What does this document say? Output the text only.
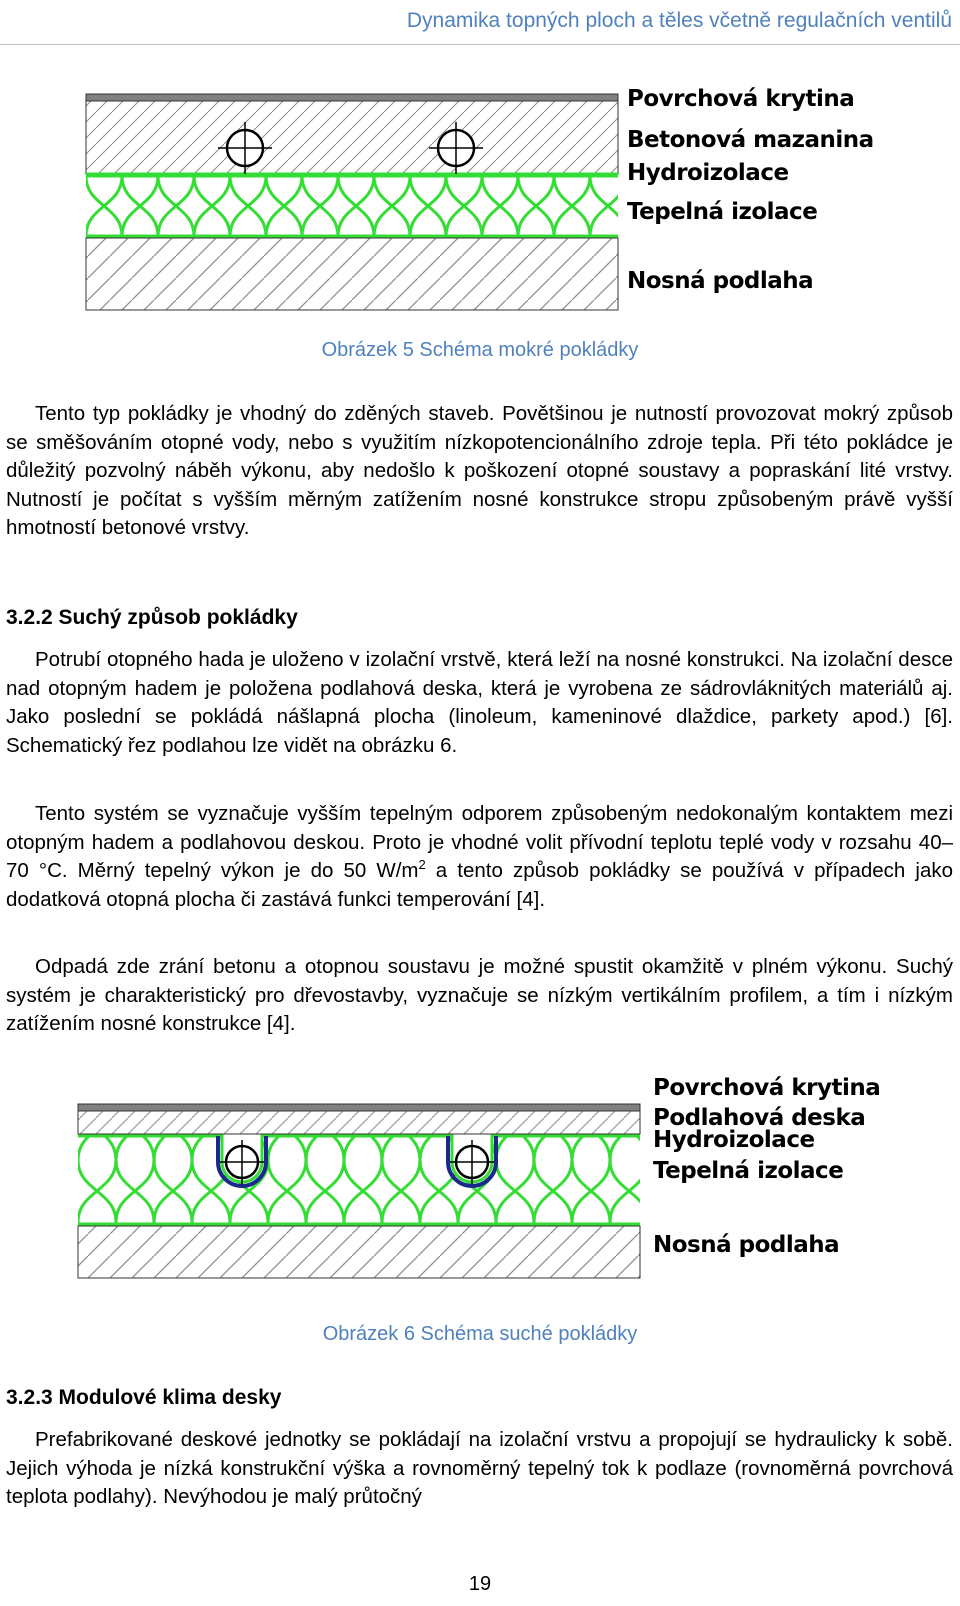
Dynamika topných ploch a těles včetně regulačních ventilů
Povrchová krytina
Betonová mazanina
Hydroizolace
Tepelná izolace
Nosná podlaha
Obrázek 5 Schéma mokré pokládky

Tento typ pokládky je vhodný do zděných staveb. Povětšinou je nutností provozovat mokrý způsob se směšováním otopné vody, nebo s využitím nízkopotencionálního zdroje tepla. Při této pokládce je důležitý pozvolný náběh výkonu, aby nedošlo k poškození otopné soustavy a popraskání lité vrstvy. Nutností je počítat s vyšším měrným zatížením nosné konstrukce stropu způsobeným právě vyšší hmotností betonové vrstvy.

3.2.2 Suchý způsob pokládky

Potrubí otopného hada je uloženo v izolační vrstvě, která leží na nosné konstrukci. Na izolační desce nad otopným hadem je položena podlahová deska, která je vyrobena ze sádrovláknitých materiálů aj. Jako poslední se pokládá nášlapná plocha (linoleum, kameninové dlaždice, parkety apod.) [6]. Schematický řez podlahou lze vidět na obrázku 6.

Tento systém se vyznačuje vyšším tepelným odporem způsobeným nedokonalým kontaktem mezi otopným hadem a podlahovou deskou. Proto je vhodné volit přívodní teplotu teplé vody v rozsahu 40–70 °C. Měrný tepelný výkon je do 50 $W/m^2$ a tento způsob pokládky se používá v případech jako dodatková otopná plocha či zastává funkci temperování [4].

Odpadá zde zrání betonu a otopnou soustavu je možné spustit okamžitě v plném výkonu. Suchý systém je charakteristický pro dřevostavby, vyznačuje se nízkým vertikálním profilem, a tím i nízkým zatížením nosné konstrukce [4].

Povrchová krytina
Podlahová deska
Hydroizolace
Tepelná izolace
Nosná podlaha
Obrázek 6 Schéma suché pokládky
3.2.3 Modulové klima desky

Prefabrikované deskové jednotky se pokládají na izolační vrstvu a propojují se hydraulicky k sobě. Jejich výhoda je nízká konstrukční výška a rovnoměrný tepelný tok k podlaze (rovnoměrná povrchová teplota podlahy). Nevýhodou je malý průtočný

19
